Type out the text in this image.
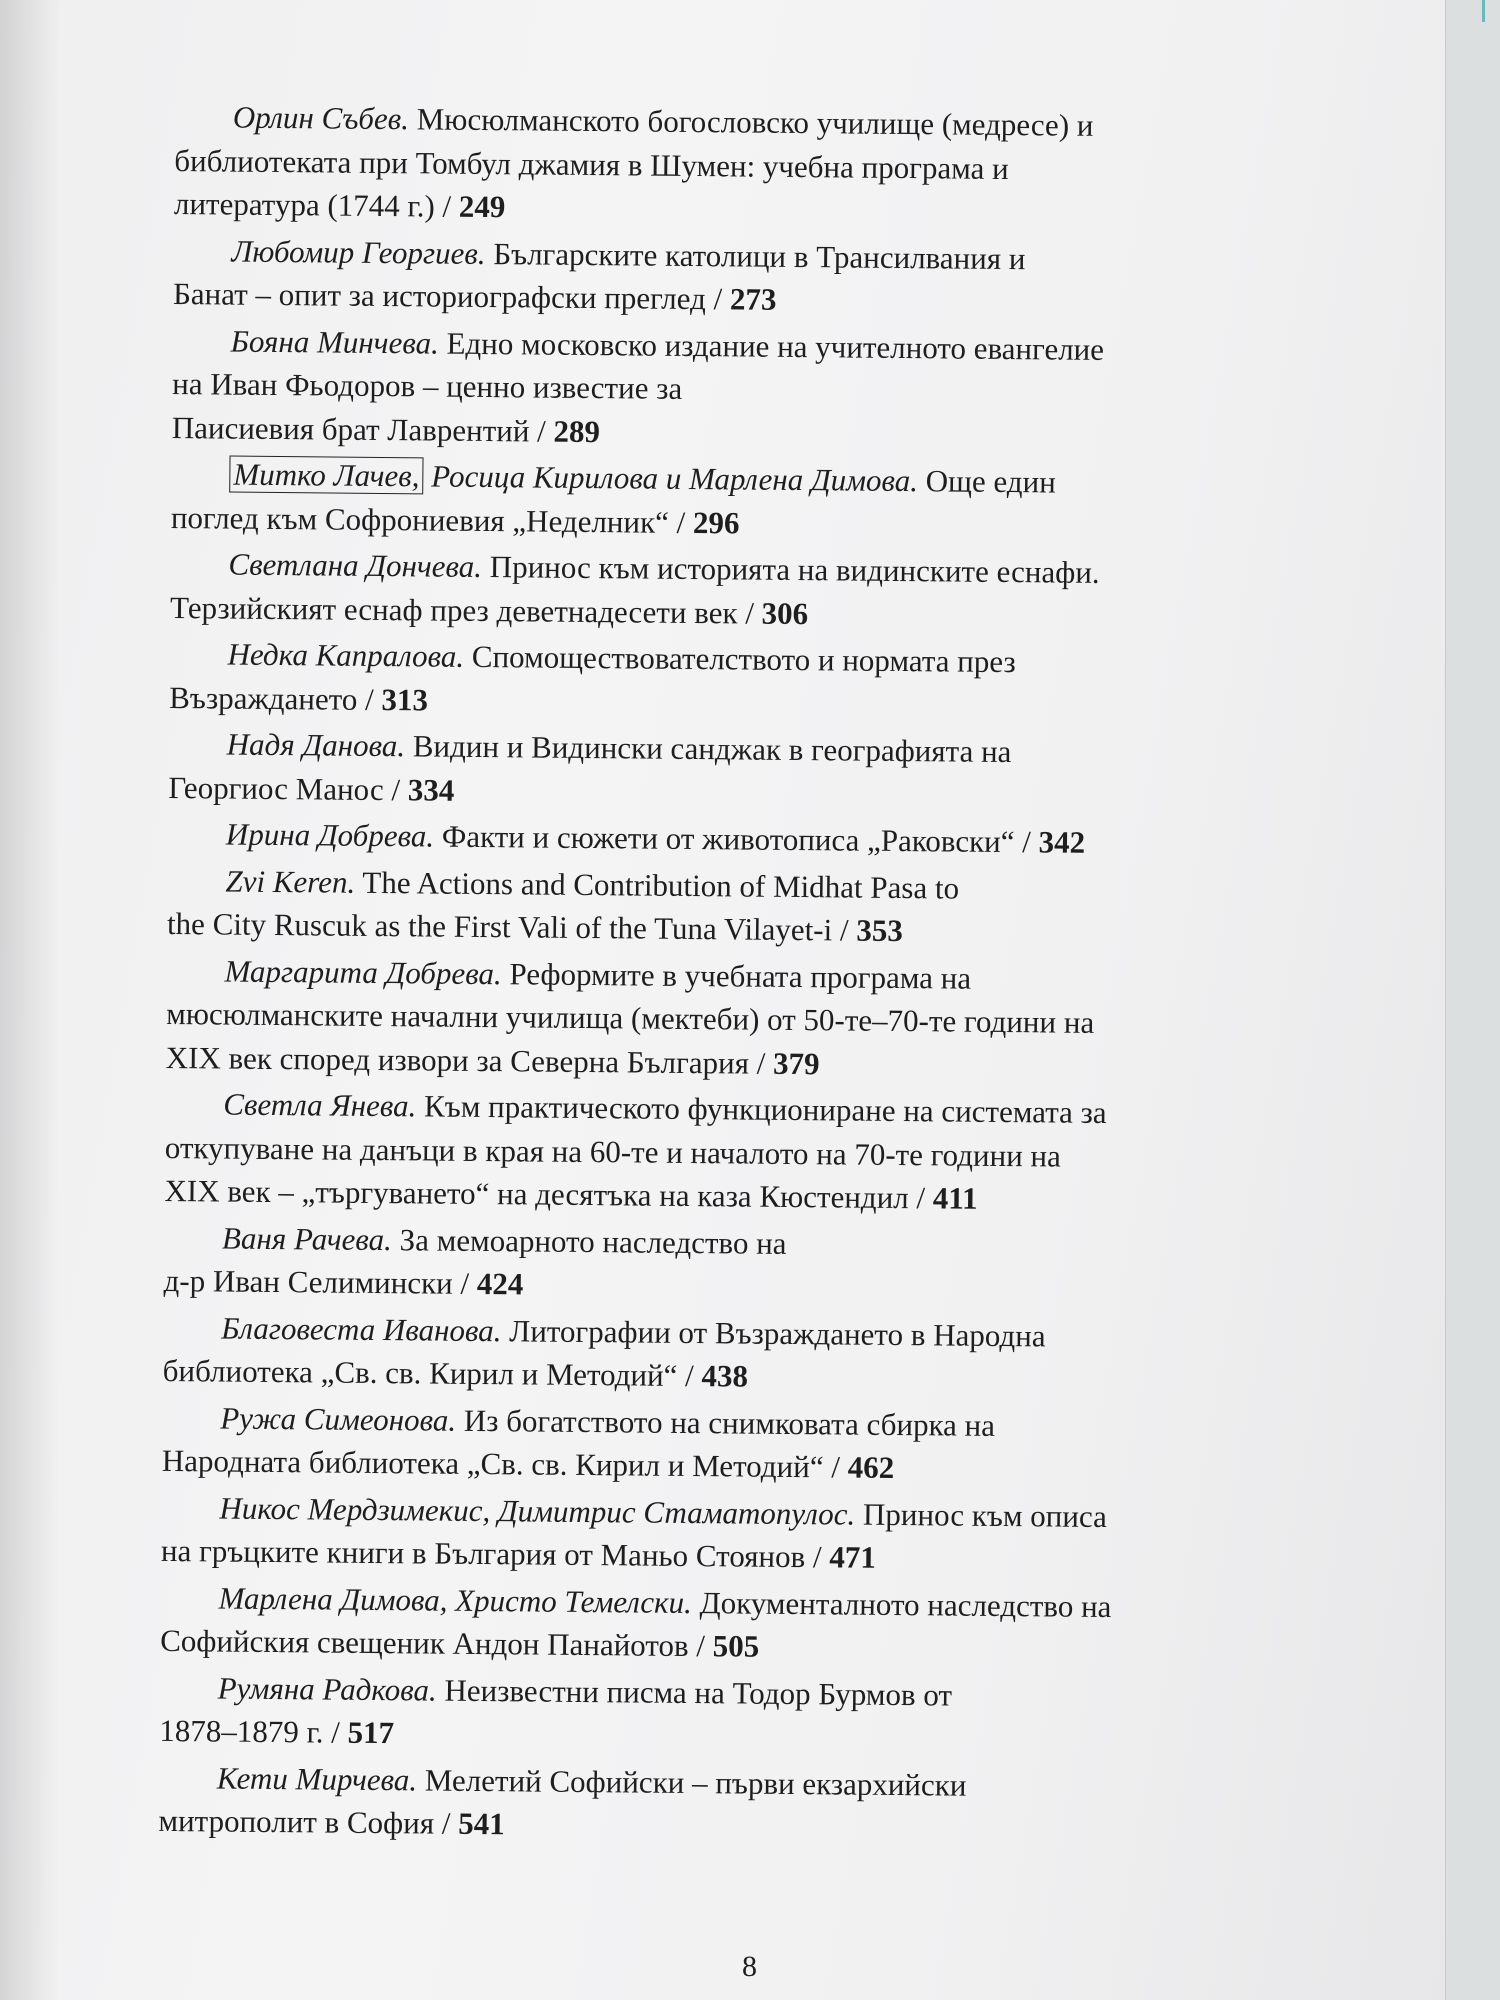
Орлин Събев. Мюсюлманското богословско училище (медресе) и
библиотеката при Томбул джамия в Шумен: учебна програма и
литература (1744 г.) / 249
Любомир Георгиев. Българските католици в Трансилвания и
Банат – опит за историографски преглед / 273
Бояна Минчева. Едно московско издание на учителното евангелие
на Иван Фьодоров – ценно известие за
Паисиевия брат Лаврентий / 289
Митко Лачев, Росица Кирилова и Марлена Димова. Още един
поглед към Софрониевия „Неделник“ / 296
Светлана Дончева. Принос към историята на видинските еснафи.
Терзийският еснаф през деветнадесети век / 306
Недка Капралова. Спомоществователството и нормата през
Възраждането / 313
Надя Данова. Видин и Видински санджак в географията на
Георгиос Манос / 334
Ирина Добрева. Факти и сюжети от животописа „Раковски“ / 342
Zvi Keren. The Actions and Contribution of Midhat Pasa to
the City Ruscuk as the First Vali of the Tuna Vilayet-i / 353
Маргарита Добрева. Реформите в учебната програма на
мюсюлманските начални училища (мектеби) от 50-те–70-те години на
XIX век според извори за Северна България / 379
Светла Янева. Към практическото функциониране на системата за
откупуване на данъци в края на 60-те и началото на 70-те години на
XIX век – „търгуването“ на десятъка на каза Кюстендил / 411
Ваня Рачева. За мемоарното наследство на
д-р Иван Селимински / 424
Благовеста Иванова. Литографии от Възраждането в Народна
библиотека „Св. св. Кирил и Методий“ / 438
Ружа Симеонова. Из богатството на снимковата сбирка на
Народната библиотека „Св. св. Кирил и Методий“ / 462
Никос Мердзимекис, Димитрис Стаматопулос. Принос към описа
на гръцките книги в България от Маньо Стоянов / 471
Марлена Димова, Христо Темелски. Документалното наследство на
Софийския свещеник Андон Панайотов / 505
Румяна Радкова. Неизвестни писма на Тодор Бурмов от
1878–1879 г. / 517
Кети Мирчева. Мелетий Софийски – първи екзархийски
митрополит в София / 541
8
